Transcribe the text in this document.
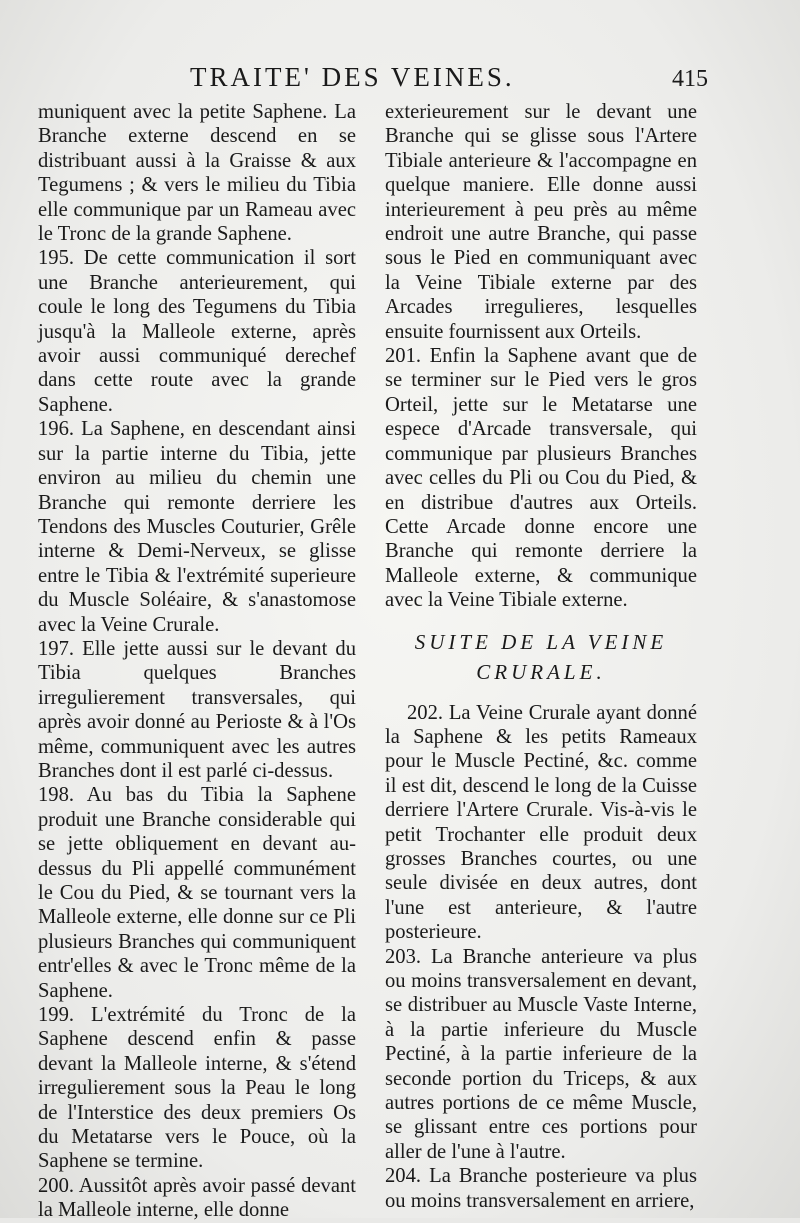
TRAITE' DES VEINES.	415

muniquent avec la petite Saphene. La Branche externe descend en se distribuant aussi à la Graisse & aux Tegumens ; & vers le milieu du Tibia elle communique par un Rameau avec le Tronc de la grande Saphene.

195. De cette communication il sort une Branche anterieurement, qui coule le long des Tegumens du Tibia jusqu'à la Malleole externe, après avoir aussi communiqué derechef dans cette route avec la grande Saphene.

196. La Saphene, en descendant ainsi sur la partie interne du Tibia, jette environ au milieu du chemin une Branche qui remonte derriere les Tendons des Muscles Couturier, Grêle interne & Demi-Nerveux, se glisse entre le Tibia & l'extrémité superieure du Muscle Soléaire, & s'anastomose avec la Veine Crurale.

197. Elle jette aussi sur le devant du Tibia quelques Branches irregulierement transversales, qui après avoir donné au Perioste & à l'Os même, communiquent avec les autres Branches dont il est parlé ci-dessus.

198. Au bas du Tibia la Saphene produit une Branche considerable qui se jette obliquement en devant au-dessus du Pli appellé communément le Cou du Pied, & se tournant vers la Malleole externe, elle donne sur ce Pli plusieurs Branches qui communiquent entr'elles & avec le Tronc même de la Saphene.

199. L'extrémité du Tronc de la Saphene descend enfin & passe devant la Malleole interne, & s'étend irregulierement sous la Peau le long de l'Interstice des deux premiers Os du Metatarse vers le Pouce, où la Saphene se termine.

200. Aussitôt après avoir passé devant la Malleole interne, elle donne

exterieurement sur le devant une Branche qui se glisse sous l'Artere Tibiale anterieure & l'accompagne en quelque maniere. Elle donne aussi interieurement à peu près au même endroit une autre Branche, qui passe sous le Pied en communiquant avec la Veine Tibiale externe par des Arcades irregulieres, lesquelles ensuite fournissent aux Orteils.

201. Enfin la Saphene avant que de se terminer sur le Pied vers le gros Orteil, jette sur le Metatarse une espece d'Arcade transversale, qui communique par plusieurs Branches avec celles du Pli ou Cou du Pied, & en distribue d'autres aux Orteils. Cette Arcade donne encore une Branche qui remonte derriere la Malleole externe, & communique avec la Veine Tibiale externe.

SUITE DE LA VEINE
CRURALE.

202. La Veine Crurale ayant donné la Saphene & les petits Rameaux pour le Muscle Pectiné, &c. comme il est dit, descend le long de la Cuisse derriere l'Artere Crurale. Vis-à-vis le petit Trochanter elle produit deux grosses Branches courtes, ou une seule divisée en deux autres, dont l'une est anterieure, & l'autre posterieure.

203. La Branche anterieure va plus ou moins transversalement en devant, se distribuer au Muscle Vaste Interne, à la partie inferieure du Muscle Pectiné, à la partie inferieure de la seconde portion du Triceps, & aux autres portions de ce même Muscle, se glissant entre ces portions pour aller de l'une à l'autre.

204. La Branche posterieure va plus ou moins transversalement en arriere,
